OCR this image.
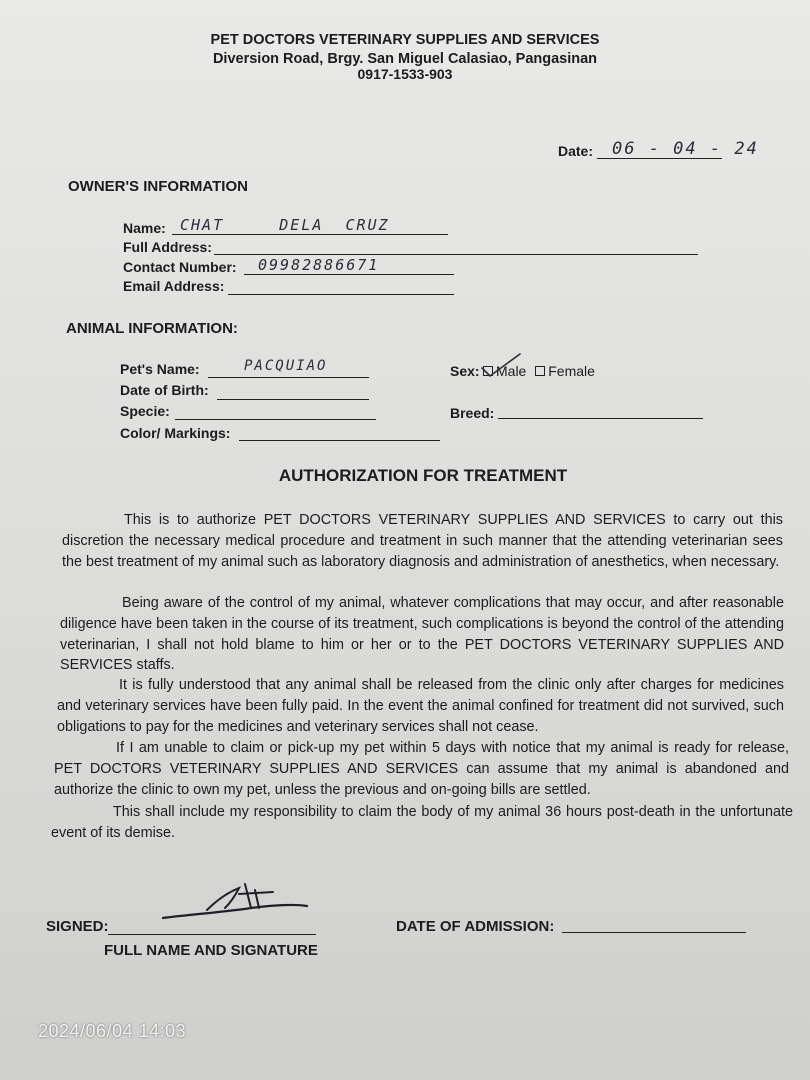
PET DOCTORS VETERINARY SUPPLIES AND SERVICES
Diversion Road, Brgy. San Miguel Calasiao, Pangasinan
0917-1533-903
Date: 06 - 04 - 24
OWNER'S INFORMATION
Name: CHAT     DELA  CRUZ
Full Address:
Contact Number: 09982886671
Email Address:
ANIMAL INFORMATION:
Pet's Name:	PACQUIAO	Sex:	Male Female
Date of Birth:
Specie:	Breed:
Color/ Markings:
AUTHORIZATION FOR TREATMENT
This is to authorize PET DOCTORS VETERINARY SUPPLIES AND SERVICES to carry out this discretion the necessary medical procedure and treatment in such manner that the attending veterinarian sees the best treatment of my animal such as laboratory diagnosis and administration of anesthetics, when necessary.
Being aware of the control of my animal, whatever complications that may occur, and after reasonable diligence have been taken in the course of its treatment, such complications is beyond the control of the attending veterinarian, I shall not hold blame to him or her or to the PET DOCTORS VETERINARY SUPPLIES AND SERVICES staffs.
It is fully understood that any animal shall be released from the clinic only after charges for medicines and veterinary services have been fully paid. In the event the animal confined for treatment did not survived, such obligations to pay for the medicines and veterinary services shall not cease.
If I am unable to claim or pick-up my pet within 5 days with notice that my animal is ready for release, PET DOCTORS VETERINARY SUPPLIES AND SERVICES can assume that my animal is abandoned and authorize the clinic to own my pet, unless the previous and on-going bills are settled.
This shall include my responsibility to claim the body of my animal 36 hours post-death in the unfortunate event of its demise.
SIGNED:
FULL NAME AND SIGNATURE
DATE OF ADMISSION:
2024/06/04 14:03
